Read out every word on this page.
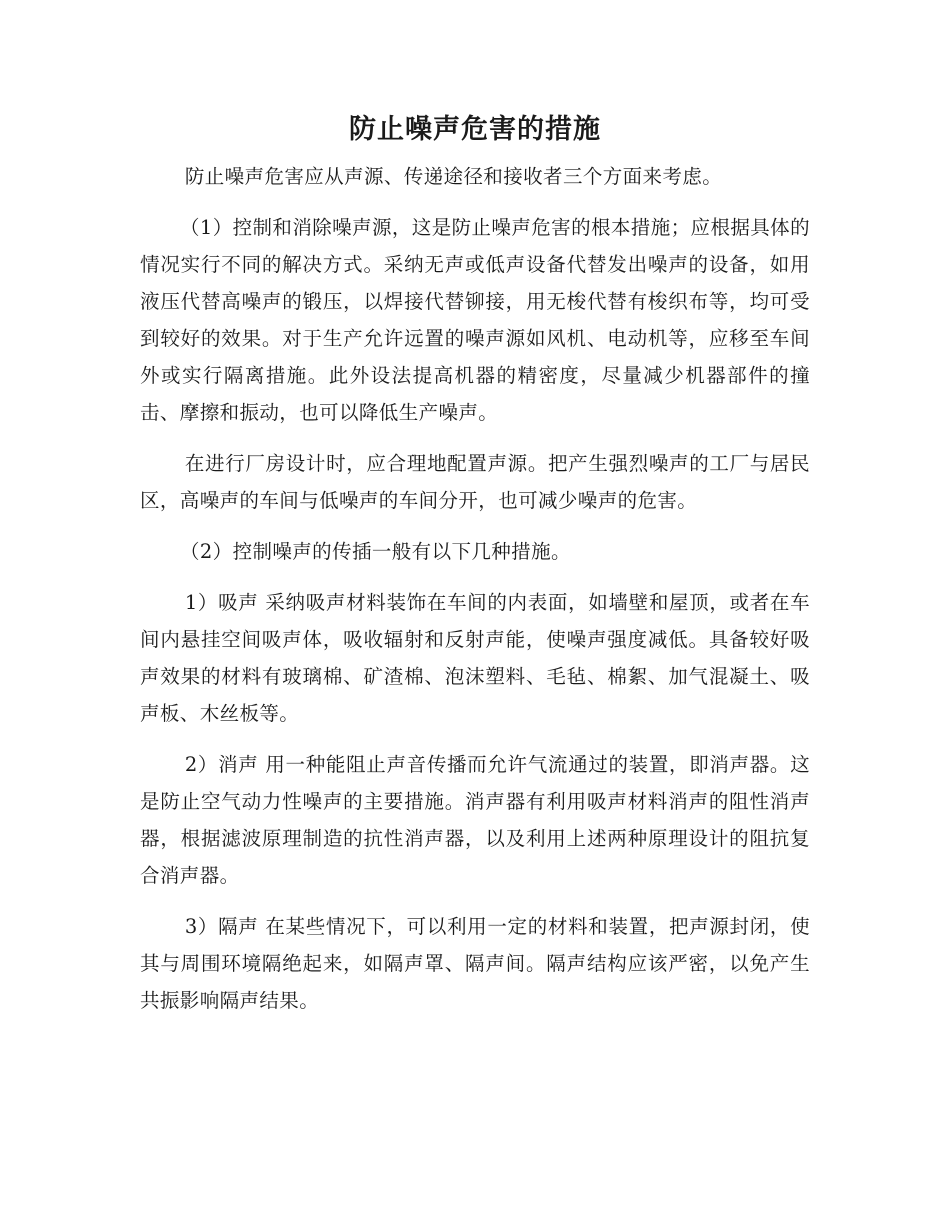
防止噪声危害的措施

防止噪声危害应从声源、传递途径和接收者三个方面来考虑。

（1）控制和消除噪声源，这是防止噪声危害的根本措施；应根据具体的情况实行不同的解决方式。采纳无声或低声设备代替发出噪声的设备，如用液压代替高噪声的锻压，以焊接代替铆接，用无梭代替有梭织布等，均可受到较好的效果。对于生产允许远置的噪声源如风机、电动机等，应移至车间外或实行隔离措施。此外设法提高机器的精密度，尽量减少机器部件的撞击、摩擦和振动，也可以降低生产噪声。

在进行厂房设计时，应合理地配置声源。把产生强烈噪声的工厂与居民区，高噪声的车间与低噪声的车间分开，也可减少噪声的危害。

（2）控制噪声的传插一般有以下几种措施。

1）吸声 采纳吸声材料装饰在车间的内表面，如墙壁和屋顶，或者在车间内悬挂空间吸声体，吸收辐射和反射声能，使噪声强度减低。具备较好吸声效果的材料有玻璃棉、矿渣棉、泡沫塑料、毛毡、棉絮、加气混凝土、吸声板、木丝板等。

2）消声 用一种能阻止声音传播而允许气流通过的装置，即消声器。这是防止空气动力性噪声的主要措施。消声器有利用吸声材料消声的阻性消声器，根据滤波原理制造的抗性消声器，以及利用上述两种原理设计的阻抗复合消声器。

3）隔声 在某些情况下，可以利用一定的材料和装置，把声源封闭，使其与周围环境隔绝起来，如隔声罩、隔声间。隔声结构应该严密，以免产生共振影响隔声结果。
